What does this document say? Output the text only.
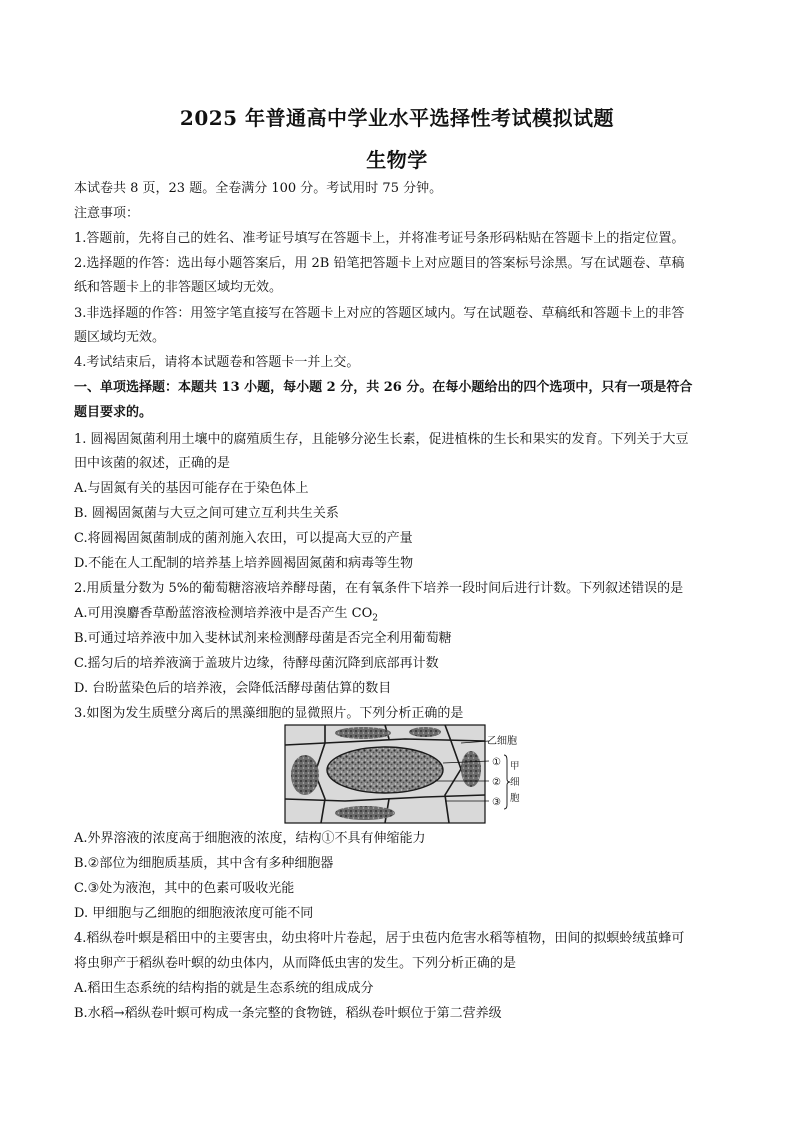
2025 年普通高中学业水平选择性考试模拟试题
生物学
本试卷共 8 页，23 题。全卷满分 100 分。考试用时 75 分钟。
注意事项：
1.答题前，先将自己的姓名、准考证号填写在答题卡上，并将准考证号条形码粘贴在答题卡上的指定位置。
2.选择题的作答：选出每小题答案后，用 2B 铅笔把答题卡上对应题目的答案标号涂黑。写在试题卷、草稿
纸和答题卡上的非答题区域均无效。
3.非选择题的作答：用签字笔直接写在答题卡上对应的答题区域内。写在试题卷、草稿纸和答题卡上的非答
题区域均无效。
4.考试结束后，请将本试题卷和答题卡一并上交。
一、单项选择题：本题共 13 小题，每小题 2 分，共 26 分。在每小题给出的四个选项中，只有一项是符合
题目要求的。
1. 圆褐固氮菌利用土壤中的腐殖质生存，且能够分泌生长素，促进植株的生长和果实的发育。下列关于大豆
田中该菌的叙述，正确的是
A.与固氮有关的基因可能存在于染色体上
B. 圆褐固氮菌与大豆之间可建立互利共生关系
C.将圆褐固氮菌制成的菌剂施入农田，可以提高大豆的产量
D.不能在人工配制的培养基上培养圆褐固氮菌和病毒等生物
2.用质量分数为 5%的葡萄糖溶液培养酵母菌，在有氧条件下培养一段时间后进行计数。下列叙述错误的是
A.可用溴麝香草酚蓝溶液检测培养液中是否产生 $CO_2$
B.可通过培养液中加入斐林试剂来检测酵母菌是否完全利用葡萄糖
C.摇匀后的培养液滴于盖玻片边缘，待酵母菌沉降到底部再计数
D. 台盼蓝染色后的培养液，会降低活酵母菌估算的数目
3.如图为发生质壁分离后的黑藻细胞的显微照片。下列分析正确的是
乙细胞
①
②
③
甲
细
胞
A.外界溶液的浓度高于细胞液的浓度，结构①不具有伸缩能力
B.②部位为细胞质基质，其中含有多种细胞器
C.③处为液泡，其中的色素可吸收光能
D. 甲细胞与乙细胞的细胞液浓度可能不同
4.稻纵卷叶螟是稻田中的主要害虫，幼虫将叶片卷起，居于虫苞内危害水稻等植物，田间的拟螟蛉绒茧蜂可
将虫卵产于稻纵卷叶螟的幼虫体内，从而降低虫害的发生。下列分析正确的是
A.稻田生态系统的结构指的就是生态系统的组成成分
B.水稻→稻纵卷叶螟可构成一条完整的食物链，稻纵卷叶螟位于第二营养级
